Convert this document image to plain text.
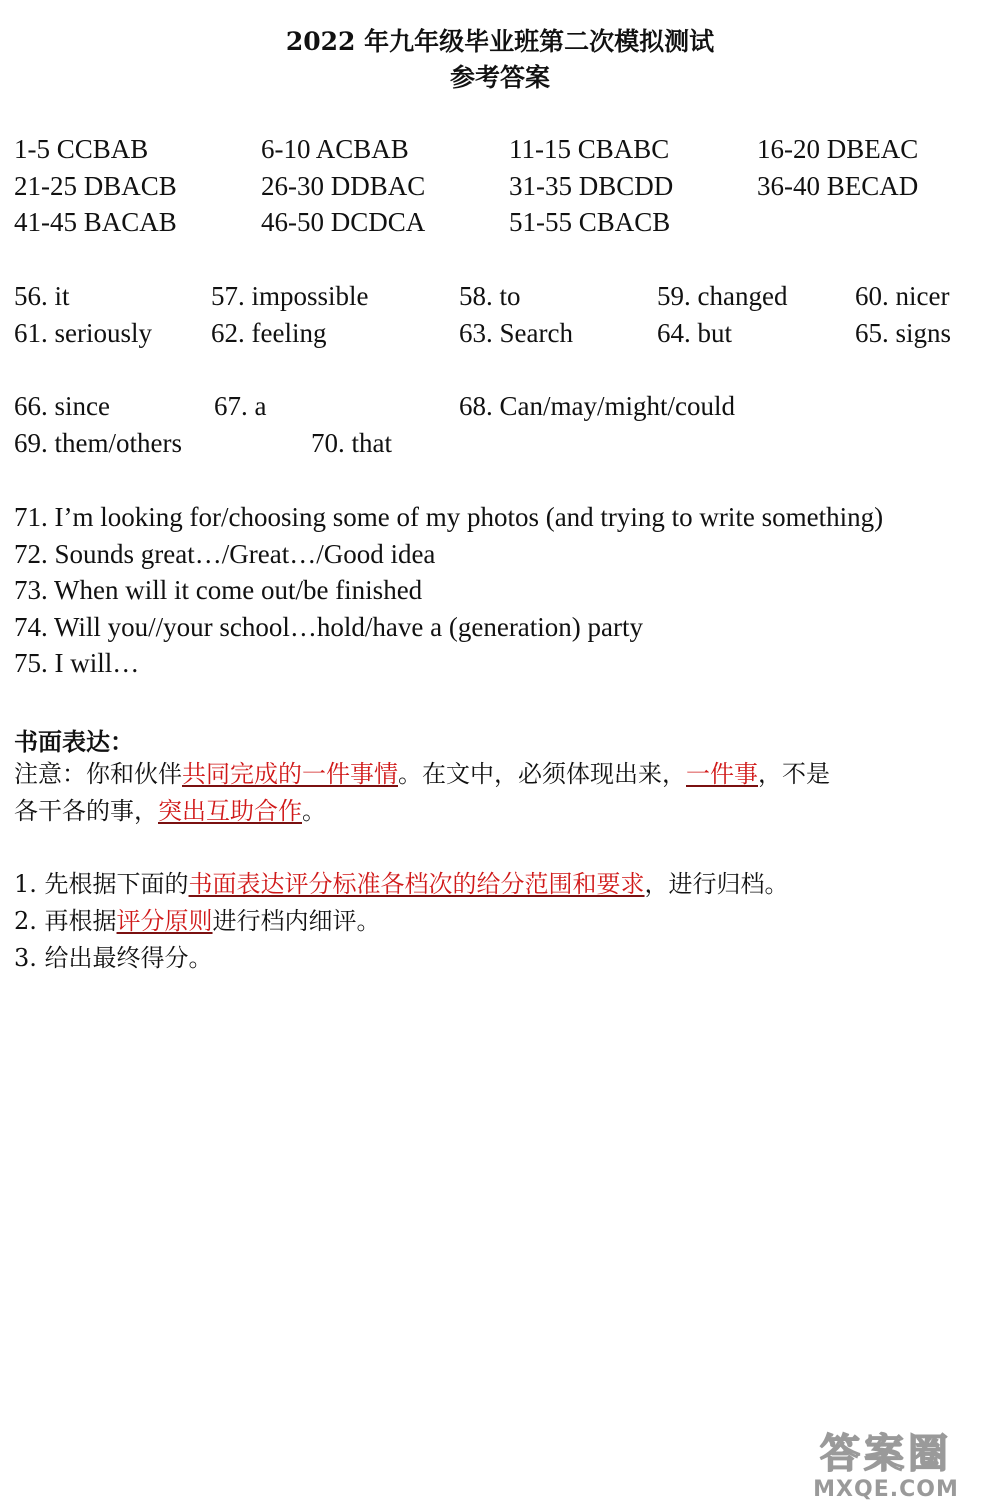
2022 年九年级毕业班第二次模拟测试
参考答案
1-5 CCBAB	6-10 ACBAB	11-15 CBABC	16-20 DBEAC
21-25 DBACB	26-30 DDBAC	31-35 DBCDD	36-40 BECAD
41-45 BACAB	46-50 DCDCA	51-55 CBACB
56. it	57. impossible	58. to	59. changed	60. nicer
61. seriously 62. feeling	63. Search	64. but	65. signs
66. since	67. a	68. Can/may/might/could
69. them/others	70. that
71. I’m looking for/choosing some of my photos (and trying to write something)
72. Sounds great…/Great…/Good idea
73. When will it come out/be finished
74. Will you//your school…hold/have a (generation) party
75. I will…
书面表达：
注意：你和伙伴共同完成的一件事情。在文中，必须体现出来，一件事，不是
各干各的事，突出互助合作。
1. 先根据下面的书面表达评分标准各档次的给分范围和要求，进行归档。
2. 再根据评分原则进行档内细评。
3. 给出最终得分。
答案圈
MXQE.COM
